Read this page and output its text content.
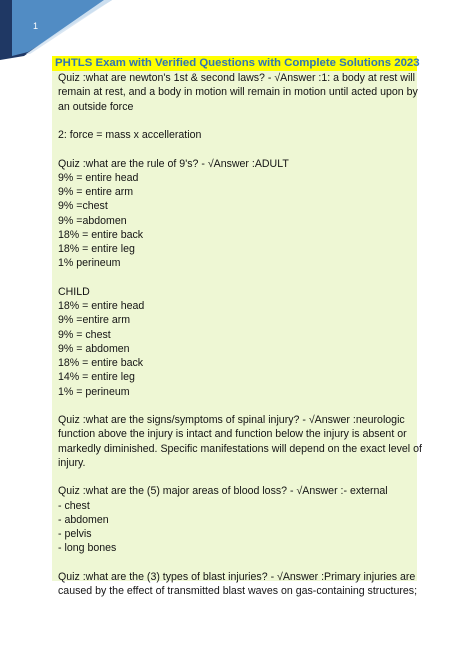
1
PHTLS Exam with Verified Questions with Complete Solutions 2023
Quiz :what are newton's 1st & second laws? - √Answer :1: a body at rest will
remain at rest, and a body in motion will remain in motion until acted upon by
an outside force
2: force = mass x accelleration
Quiz :what are the rule of 9's? - √Answer :ADULT
9% = entire head
9% = entire arm
9% =chest
9% =abdomen
18% = entire back
18% = entire leg
1% perineum
CHILD
18% = entire head
9% =entire arm
9% = chest
9% = abdomen
18% = entire back
14% = entire leg
1% = perineum
Quiz :what are the signs/symptoms of spinal injury? - √Answer :neurologic
function above the injury is intact and function below the injury is absent or
markedly diminished. Specific manifestations will depend on the exact level of
injury.
Quiz :what are the (5) major areas of blood loss? - √Answer :- external
- chest
- abdomen
- pelvis
- long bones
Quiz :what are the (3) types of blast injuries? - √Answer :Primary injuries are
caused by the effect of transmitted blast waves on gas-containing structures;
